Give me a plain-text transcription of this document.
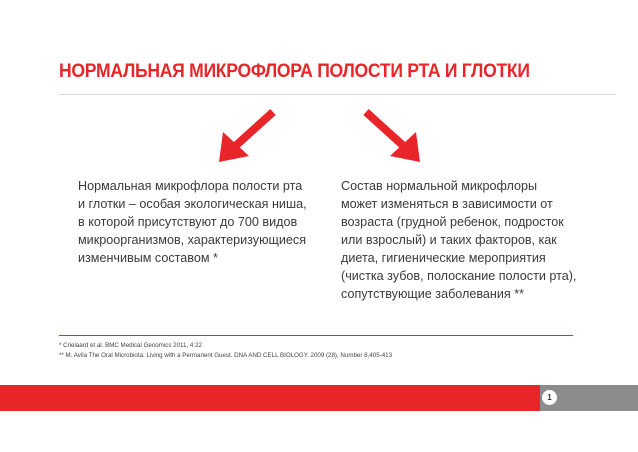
НОРМАЛЬНАЯ МИКРОФЛОРА ПОЛОСТИ РТА И ГЛОТКИ
Нормальная микрофлора полости рта
и глотки – особая экологическая ниша,
в которой присутствуют до 700 видов
микроорганизмов, характеризующиеся
изменчивым составом *
Состав нормальной микрофлоры
может изменяться в зависимости от
возраста (грудной ребенок, подросток
или взрослый) и таких факторов, как
диета, гигиенические мероприятия
(чистка зубов, полоскание полости рта),
сопутствующие заболевания **
* Crielaard et al. BMC Medical Genomics 2011, 4:22
** M. Avila The Oral Microbiota: Living with a Permanent Guest. DNA AND CELL BIOLOGY. 2009 (28), Number 8,405-413
1
